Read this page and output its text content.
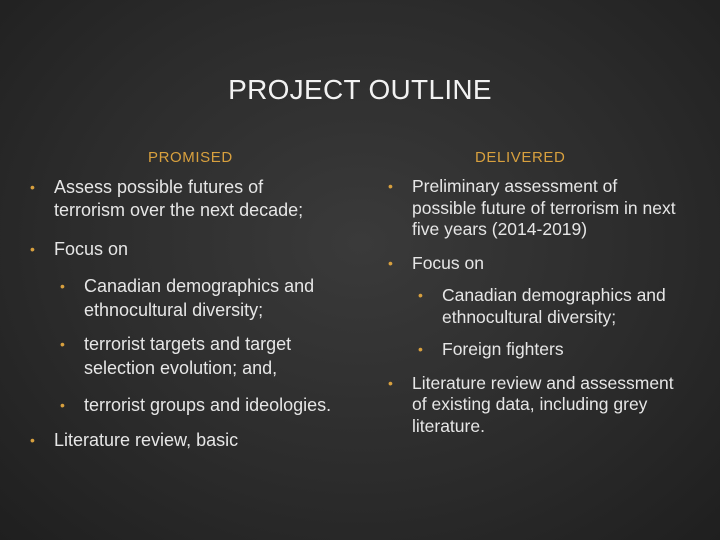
PROJECT OUTLINE
PROMISED	DELIVERED
• Assess possible futures of terrorism over the next decade;
• Focus on
• Canadian demographics and ethnocultural diversity;
• terrorist targets and target selection evolution; and,
• terrorist groups and ideologies.
• Literature review, basic
• Preliminary assessment of possible future of terrorism in next five years (2014-2019)
• Focus on
• Canadian demographics and ethnocultural diversity;
• Foreign fighters
• Literature review and assessment of existing data, including grey literature.
